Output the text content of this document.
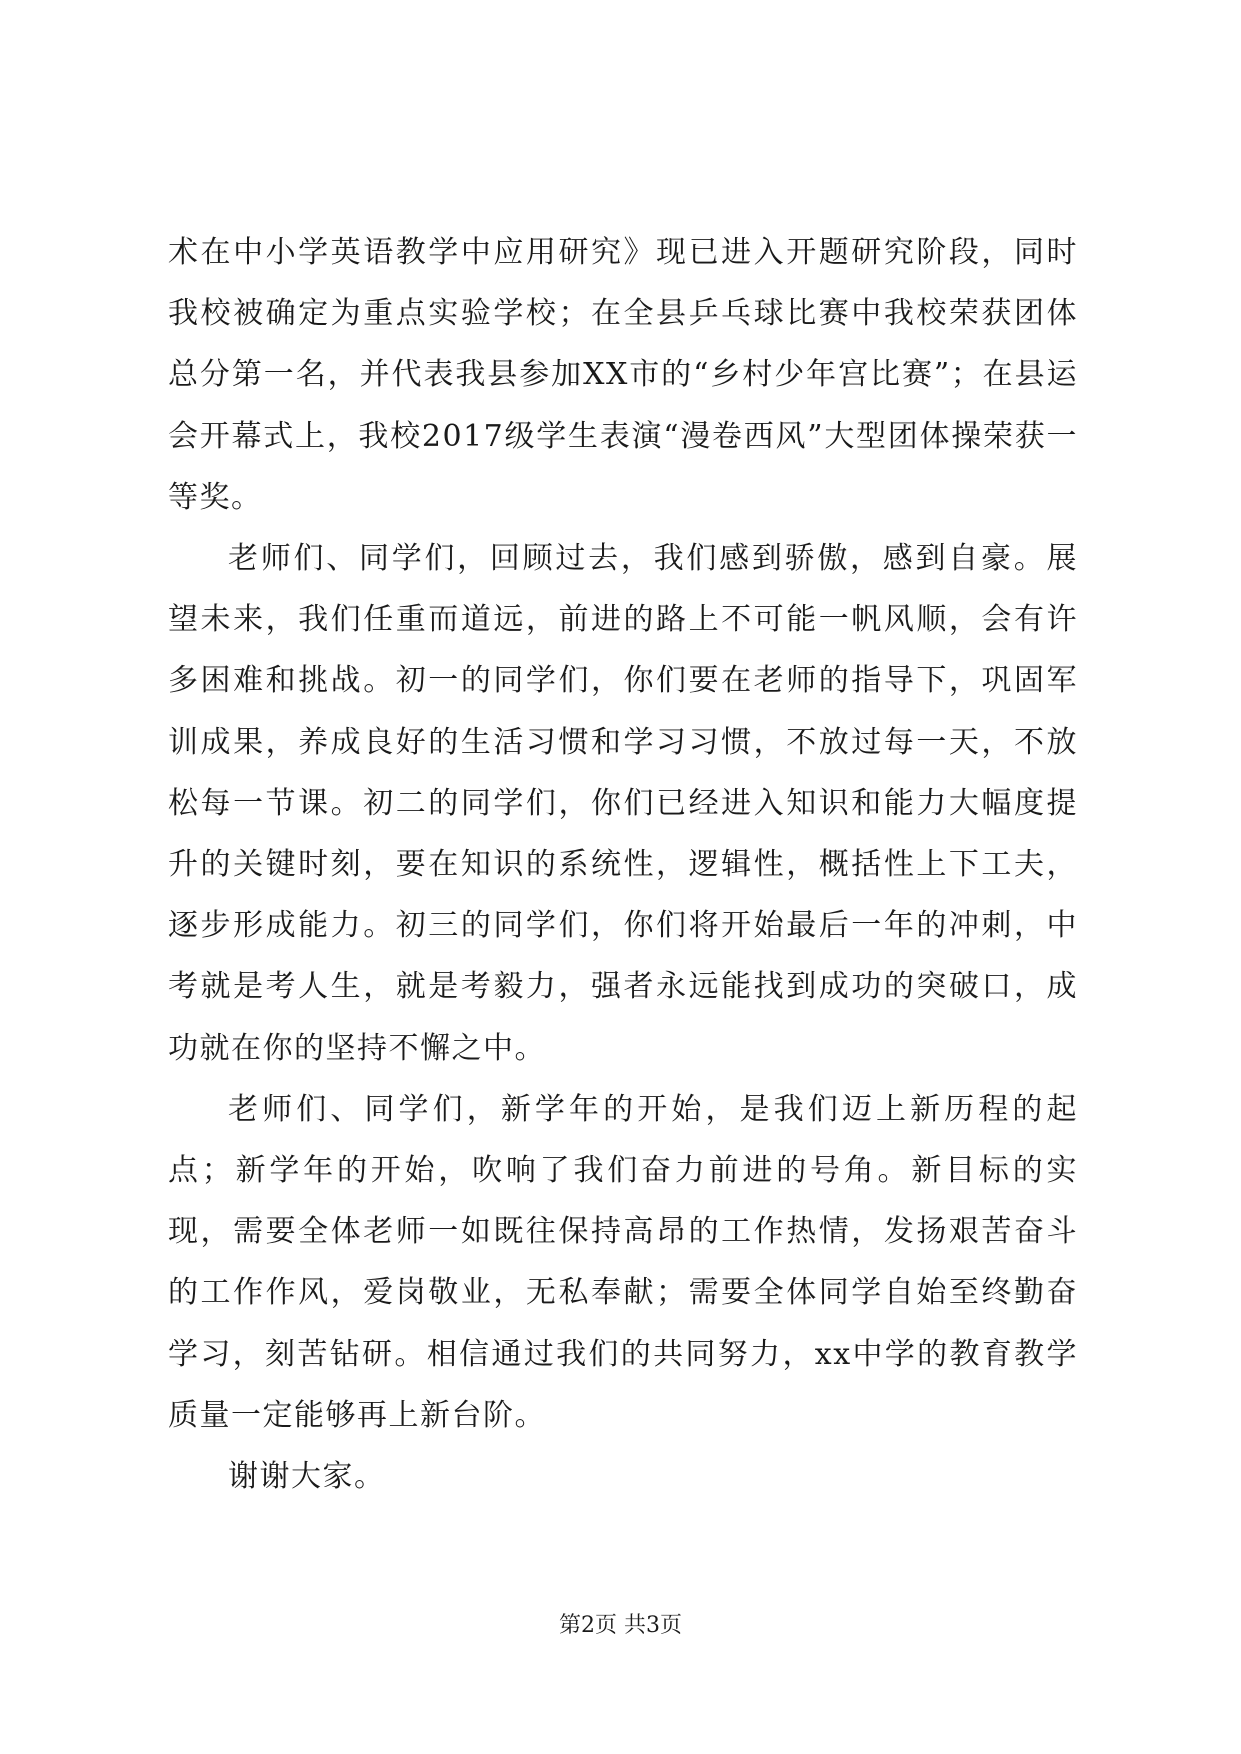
术在中小学英语教学中应用研究》现已进入开题研究阶段，同时我校被确定为重点实验学校；在全县乒乓球比赛中我校荣获团体总分第一名，并代表我县参加XX市的“乡村少年宫比赛”；在县运会开幕式上，我校2017级学生表演“漫卷西风”大型团体操荣获一等奖。

老师们、同学们，回顾过去，我们感到骄傲，感到自豪。展望未来，我们任重而道远，前进的路上不可能一帆风顺，会有许多困难和挑战。初一的同学们，你们要在老师的指导下，巩固军训成果，养成良好的生活习惯和学习习惯，不放过每一天，不放松每一节课。初二的同学们，你们已经进入知识和能力大幅度提升的关键时刻，要在知识的系统性，逻辑性，概括性上下工夫，逐步形成能力。初三的同学们，你们将开始最后一年的冲刺，中考就是考人生，就是考毅力，强者永远能找到成功的突破口，成功就在你的坚持不懈之中。

老师们、同学们，新学年的开始，是我们迈上新历程的起点；新学年的开始，吹响了我们奋力前进的号角。新目标的实现，需要全体老师一如既往保持高昂的工作热情，发扬艰苦奋斗的工作作风，爱岗敬业，无私奉献；需要全体同学自始至终勤奋学习，刻苦钻研。相信通过我们的共同努力，xx中学的教育教学质量一定能够再上新台阶。

谢谢大家。

第2页 共3页
